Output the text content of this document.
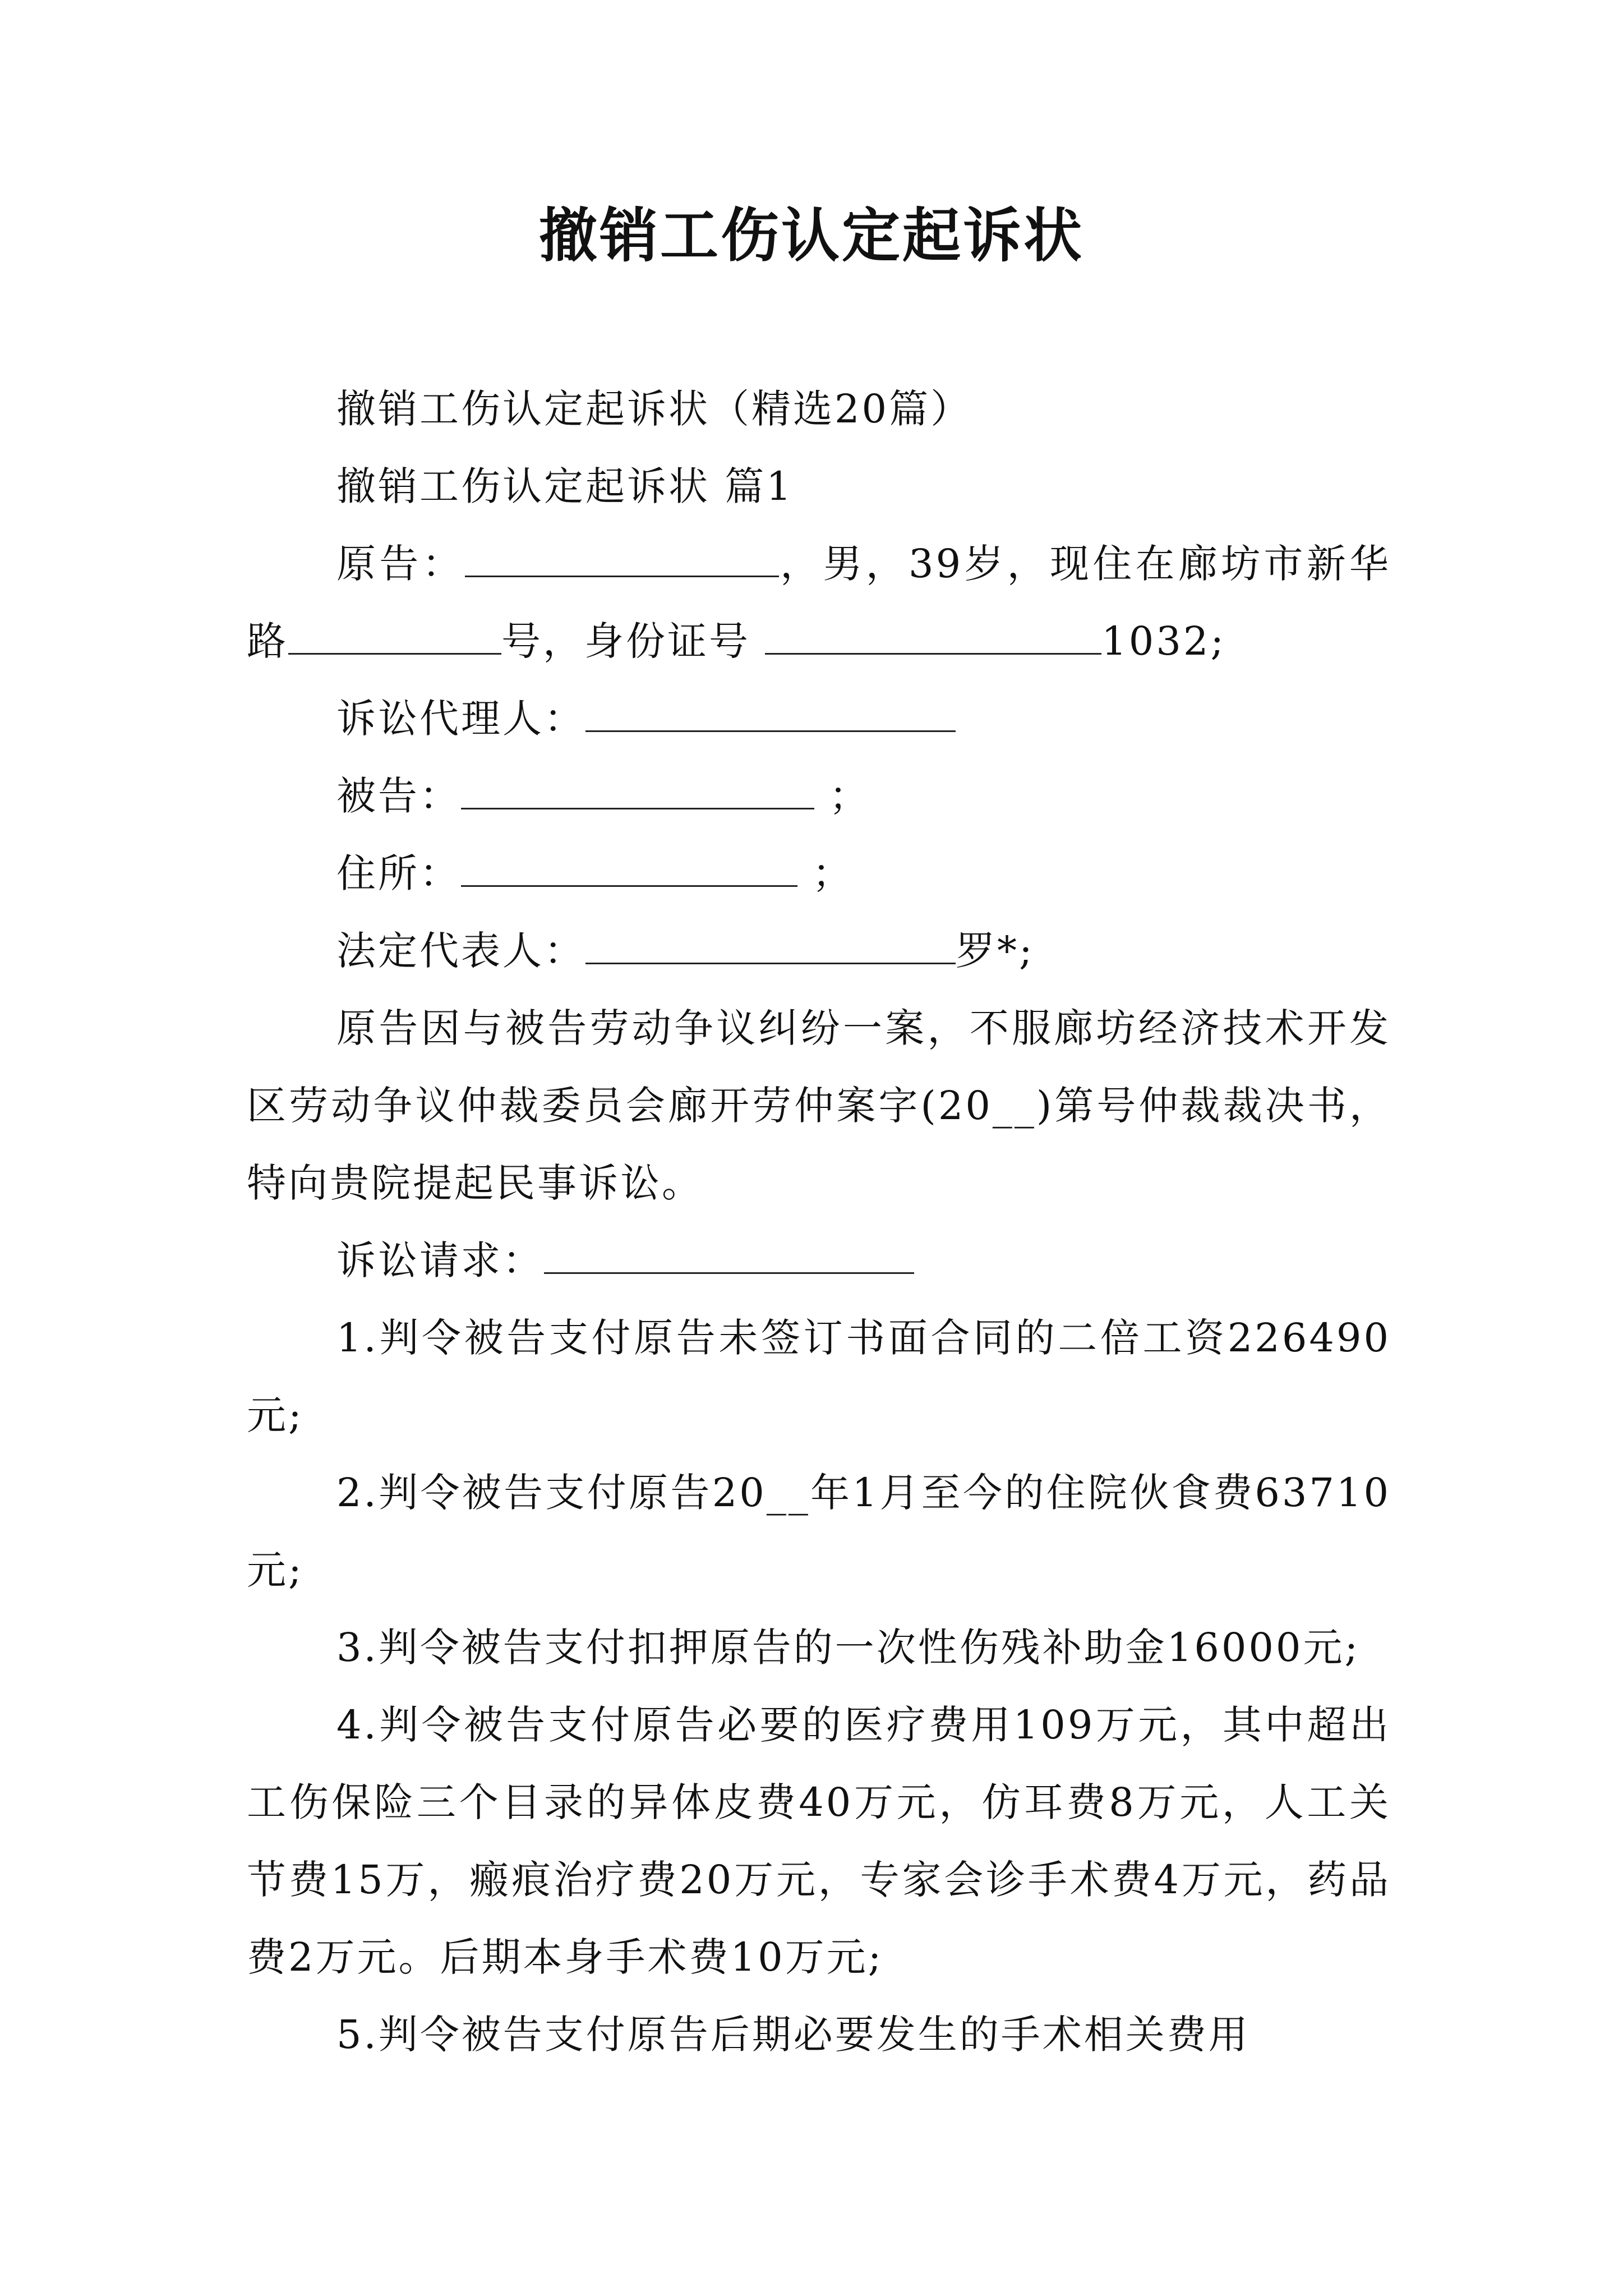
撤销工伤认定起诉状

撤销工伤认定起诉状（精选20篇）

撤销工伤认定起诉状 篇1

原告：	，男，39岁，现住在廊坊市新华路	号，身份证号	1032;

诉讼代理人：

被告：	；

住所：	；

法定代表人：	罗*;

原告因与被告劳动争议纠纷一案，不服廊坊经济技术开发区劳动争议仲裁委员会廊开劳仲案字(20__)第号仲裁裁决书，特向贵院提起民事诉讼。

诉讼请求：

1.判令被告支付原告未签订书面合同的二倍工资226490元;

2.判令被告支付原告20__年1月至今的住院伙食费63710元;

3.判令被告支付扣押原告的一次性伤残补助金16000元;

4.判令被告支付原告必要的医疗费用109万元，其中超出工伤保险三个目录的异体皮费40万元，仿耳费8万元，人工关节费15万，瘢痕治疗费20万元，专家会诊手术费4万元，药品费2万元。后期本身手术费10万元;

5.判令被告支付原告后期必要发生的手术相关费用
